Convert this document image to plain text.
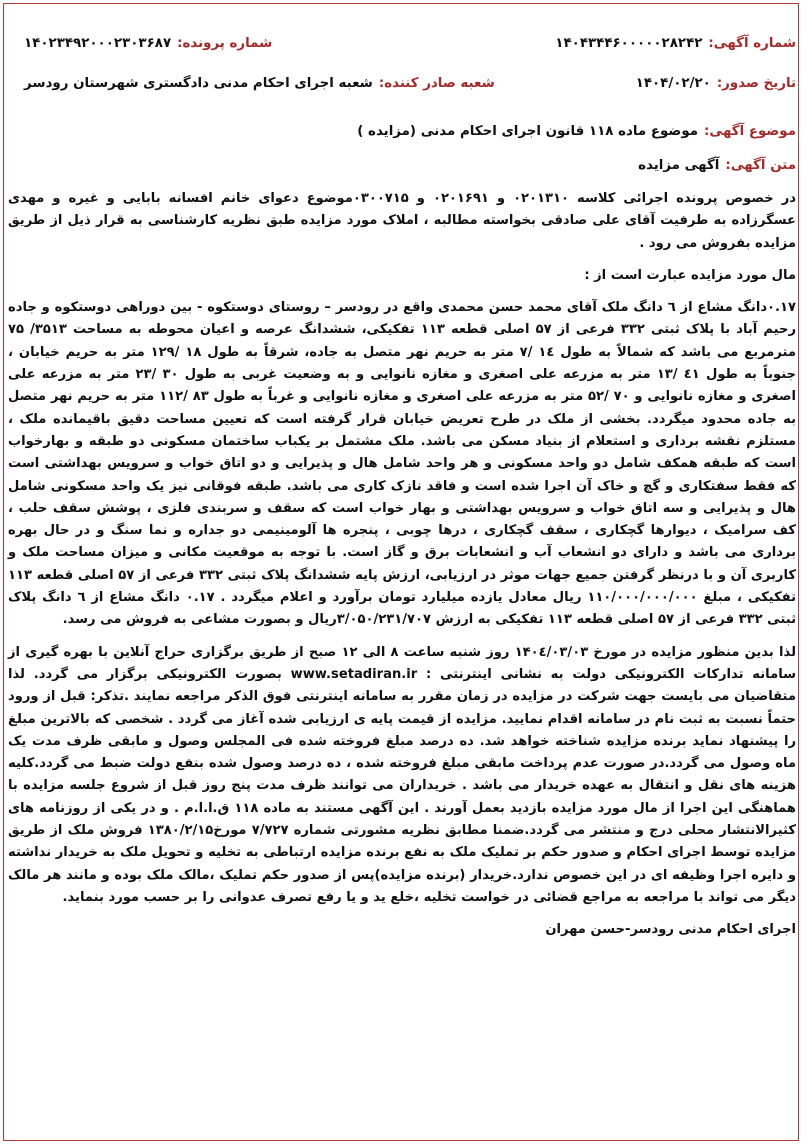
شماره آگهی:
۱۴۰۴۳۴۴۶۰۰۰۰۰۲۸۲۴۲
شماره پرونده:
۱۴۰۲۳۴۹۲۰۰۰۲۳۰۳۶۸۷
تاریخ صدور:
۱۴۰۴/۰۲/۲۰
شعبه صادر کننده:
شعبه اجرای احکام مدنی دادگستری شهرستان رودسر
موضوع آگهی:
موضوع ماده ۱۱۸ قانون اجرای احکام مدنی (مزایده )
متن آگهی:
آگهی مزایده

در خصوص پرونده اجرائی کلاسه ۰۲۰۱۳۱۰ و ۰۲۰۱۶۹۱ و ۰۳۰۰۷۱۵موضوع دعوای خانم افسانه بابایی و غیره و مهدی عسگرزاده به طرفیت آقای علی صادقی بخواسته مطالبه ، املاک مورد مزایده طبق نظریه کارشناسی به قرار ذیل از طریق مزایده بفروش می رود .

مال مورد مزایده عبارت است از :

۰.۱۷دانگ مشاع از ٦ دانگ ملک آقای محمد حسن محمدی واقع در رودسر – روستای دوستکوه - بین دوراهی دوستکوه و جاده رحیم آباد با پلاک ثبتی ۳۳۲ فرعی از ۵۷ اصلی قطعه ۱۱۳ تفکیکی، ششدانگ عرصه و اعیان محوطه به مساحت ۳۵۱۳/ ۷۵ مترمربع می باشد که شمالاً به طول ۱٤ /۷ متر به حریم نهر متصل به جاده، شرقاً به طول ۱۸ /۱۲۹ متر به حریم خیابان ، جنوباً به طول ٤۱ /۱۳ متر به مزرعه علی اصغری و مغازه نانوایی و به وضعیت غربی به طول ۳۰ /۲۳ متر به مزرعه علی اصغری و مغازه نانوایی و ۷۰ /۵۲ متر به مزرعه علی اصغری و مغازه نانوایی و غرباً به طول ۸۳ /۱۱۲ متر به حریم نهر متصل به جاده محدود میگردد. بخشی از ملک در طرح تعریض خیابان قرار گرفته است که تعیین مساحت دقیق باقیمانده ملک ، مستلزم نقشه برداری و استعلام از بنیاد مسکن می باشد. ملک مشتمل بر یکباب ساختمان مسکونی دو طبقه و بهارخواب است که طبقه همکف شامل دو واحد مسکونی و هر واحد شامل هال و پذیرایی و دو اتاق خواب و سرویس بهداشتی است که فقط سفتکاری و گچ و خاک آن اجرا شده است و فاقد نازک کاری می باشد. طبقه فوقانی نیز یک واحد مسکونی شامل هال و پذیرایی و سه اتاق خواب و سرویس بهداشتی و بهار خواب است که سقف و سربندی فلزی ، پوشش سقف حلب ، کف سرامیک ، دیوارها گچکاری ، سقف گچکاری ، درها چوبی ، پنجره ها آلومینیمی دو جداره و نما سنگ و در حال بهره برداری می باشد و دارای دو انشعاب آب و انشعابات برق و گاز است. با توجه به موقعیت مکانی و میزان مساحت ملک و کاربری آن و با درنظر گرفتن جمیع جهات موثر در ارزیابی، ارزش پایه ششدانگ پلاک ثبتی ۳۳۲ فرعی از ۵۷ اصلی قطعه ۱۱۳ تفکیکی ، مبلغ ۱۱۰/۰۰۰/۰۰۰/۰۰۰ ریال معادل یازده میلیارد تومان برآورد و اعلام میگردد . ۰.۱۷ دانگ مشاع از ٦ دانگ پلاک ثبتی ۳۳۲ فرعی از ۵۷ اصلی قطعه ۱۱۳ تفکیکی به ارزش ۳/۰۵۰/۲۳۱/۷۰۷ریال و بصورت مشاعی به فروش می رسد.

لذا بدین منظور مزایده در مورخ ۱۴۰٤/۰۳/۰۳ روز شنبه ساعت ۸ الی ۱۲ صبح از طریق برگزاری حراج آنلاین با بهره گیری از سامانه تدارکات الکترونیکی دولت به نشانی اینترنتی : www.setadiran.ir بصورت الکترونیکی برگزار می گردد. لذا متقاضیان می بایست جهت شرکت در مزایده در زمان مقرر به سامانه اینترنتی فوق الذکر مراجعه نمایند .تذکر: قبل از ورود حتماً نسبت به ثبت نام در سامانه اقدام نمایید. مزایده از قیمت پایه ی ارزیابی شده آغاز می گردد . شخصی که بالاترین مبلغ را پیشنهاد نماید برنده مزایده شناخته خواهد شد. ده درصد مبلغ فروخته شده فی المجلس وصول و مابقی ظرف مدت یک ماه وصول می گردد.در صورت عدم پرداخت مابقی مبلغ فروخته شده ، ده درصد وصول شده بنفع دولت ضبط می گردد.کلیه هزینه های نقل و انتقال به عهده خریدار می باشد . خریداران می توانند ظرف مدت پنج روز قبل از شروع جلسه مزایده با هماهنگی این اجرا از مال مورد مزایده بازدید بعمل آورند . این آگهی مستند به ماده ۱۱۸ ق.ا.ا.م . و در یکی از روزنامه های کثیرالانتشار محلی درج و منتشر می گردد.ضمنا مطابق نظریه مشورتی شماره ۷/۷۲۷ مورخ۱۳۸۰/۲/۱۵ فروش ملک از طریق مزایده توسط اجرای احکام و صدور حکم بر تملیک ملک به نفع برنده مزایده ارتباطی به تخلیه و تحویل ملک به خریدار نداشته و دایره اجرا وظیفه ای در این خصوص ندارد.خریدار (برنده مزایده)پس از صدور حکم تملیک ،مالک ملک بوده و مانند هر مالک دیگر می تواند با مراجعه به مراجع قضائی در خواست تخلیه ،خلع ید و یا رفع تصرف عدوانی را بر حسب مورد بنماید.

اجرای احکام مدنی رودسر-حسن مهران
